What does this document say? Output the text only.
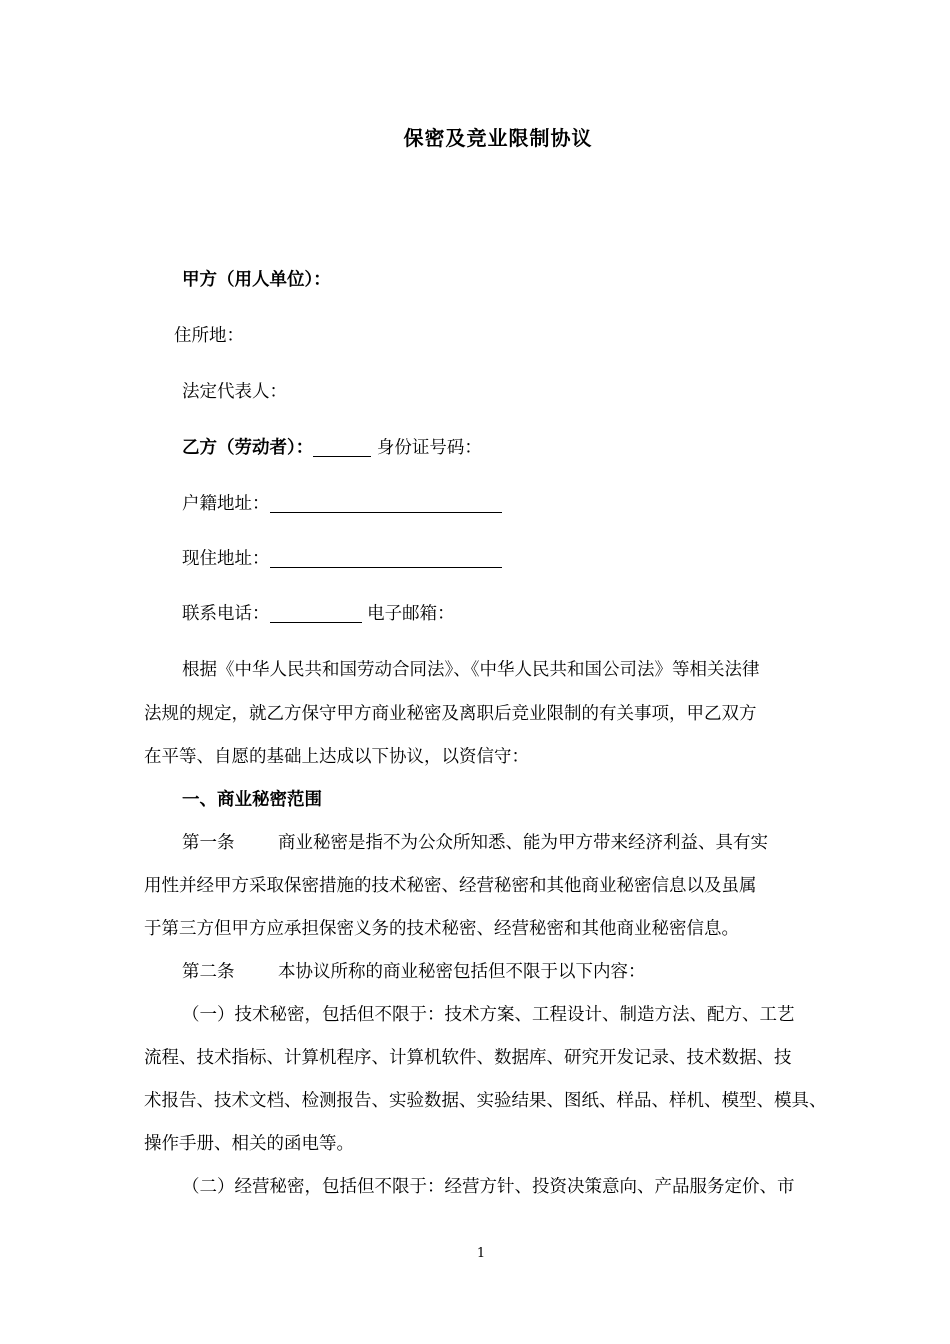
保密及竞业限制协议
甲方（用人单位）：
住所地：
法定代表人：
乙方（劳动者）：	身份证号码：
户籍地址：
现住地址：
联系电话：	电子邮箱：
根据《中华人民共和国劳动合同法》、《中华人民共和国公司法》等相关法律
法规的规定，就乙方保守甲方商业秘密及离职后竞业限制的有关事项，甲乙双方
在平等、自愿的基础上达成以下协议，以资信守：
一、商业秘密范围
第一条 商业秘密是指不为公众所知悉、能为甲方带来经济利益、具有实
用性并经甲方采取保密措施的技术秘密、经营秘密和其他商业秘密信息以及虽属
于第三方但甲方应承担保密义务的技术秘密、经营秘密和其他商业秘密信息。
第二条 本协议所称的商业秘密包括但不限于以下内容：
（一）技术秘密，包括但不限于：技术方案、工程设计、制造方法、配方、工艺
流程、技术指标、计算机程序、计算机软件、数据库、研究开发记录、技术数据、技
术报告、技术文档、检测报告、实验数据、实验结果、图纸、样品、样机、模型、模具、
操作手册、相关的函电等。
（二）经营秘密，包括但不限于：经营方针、投资决策意向、产品服务定价、市
1
